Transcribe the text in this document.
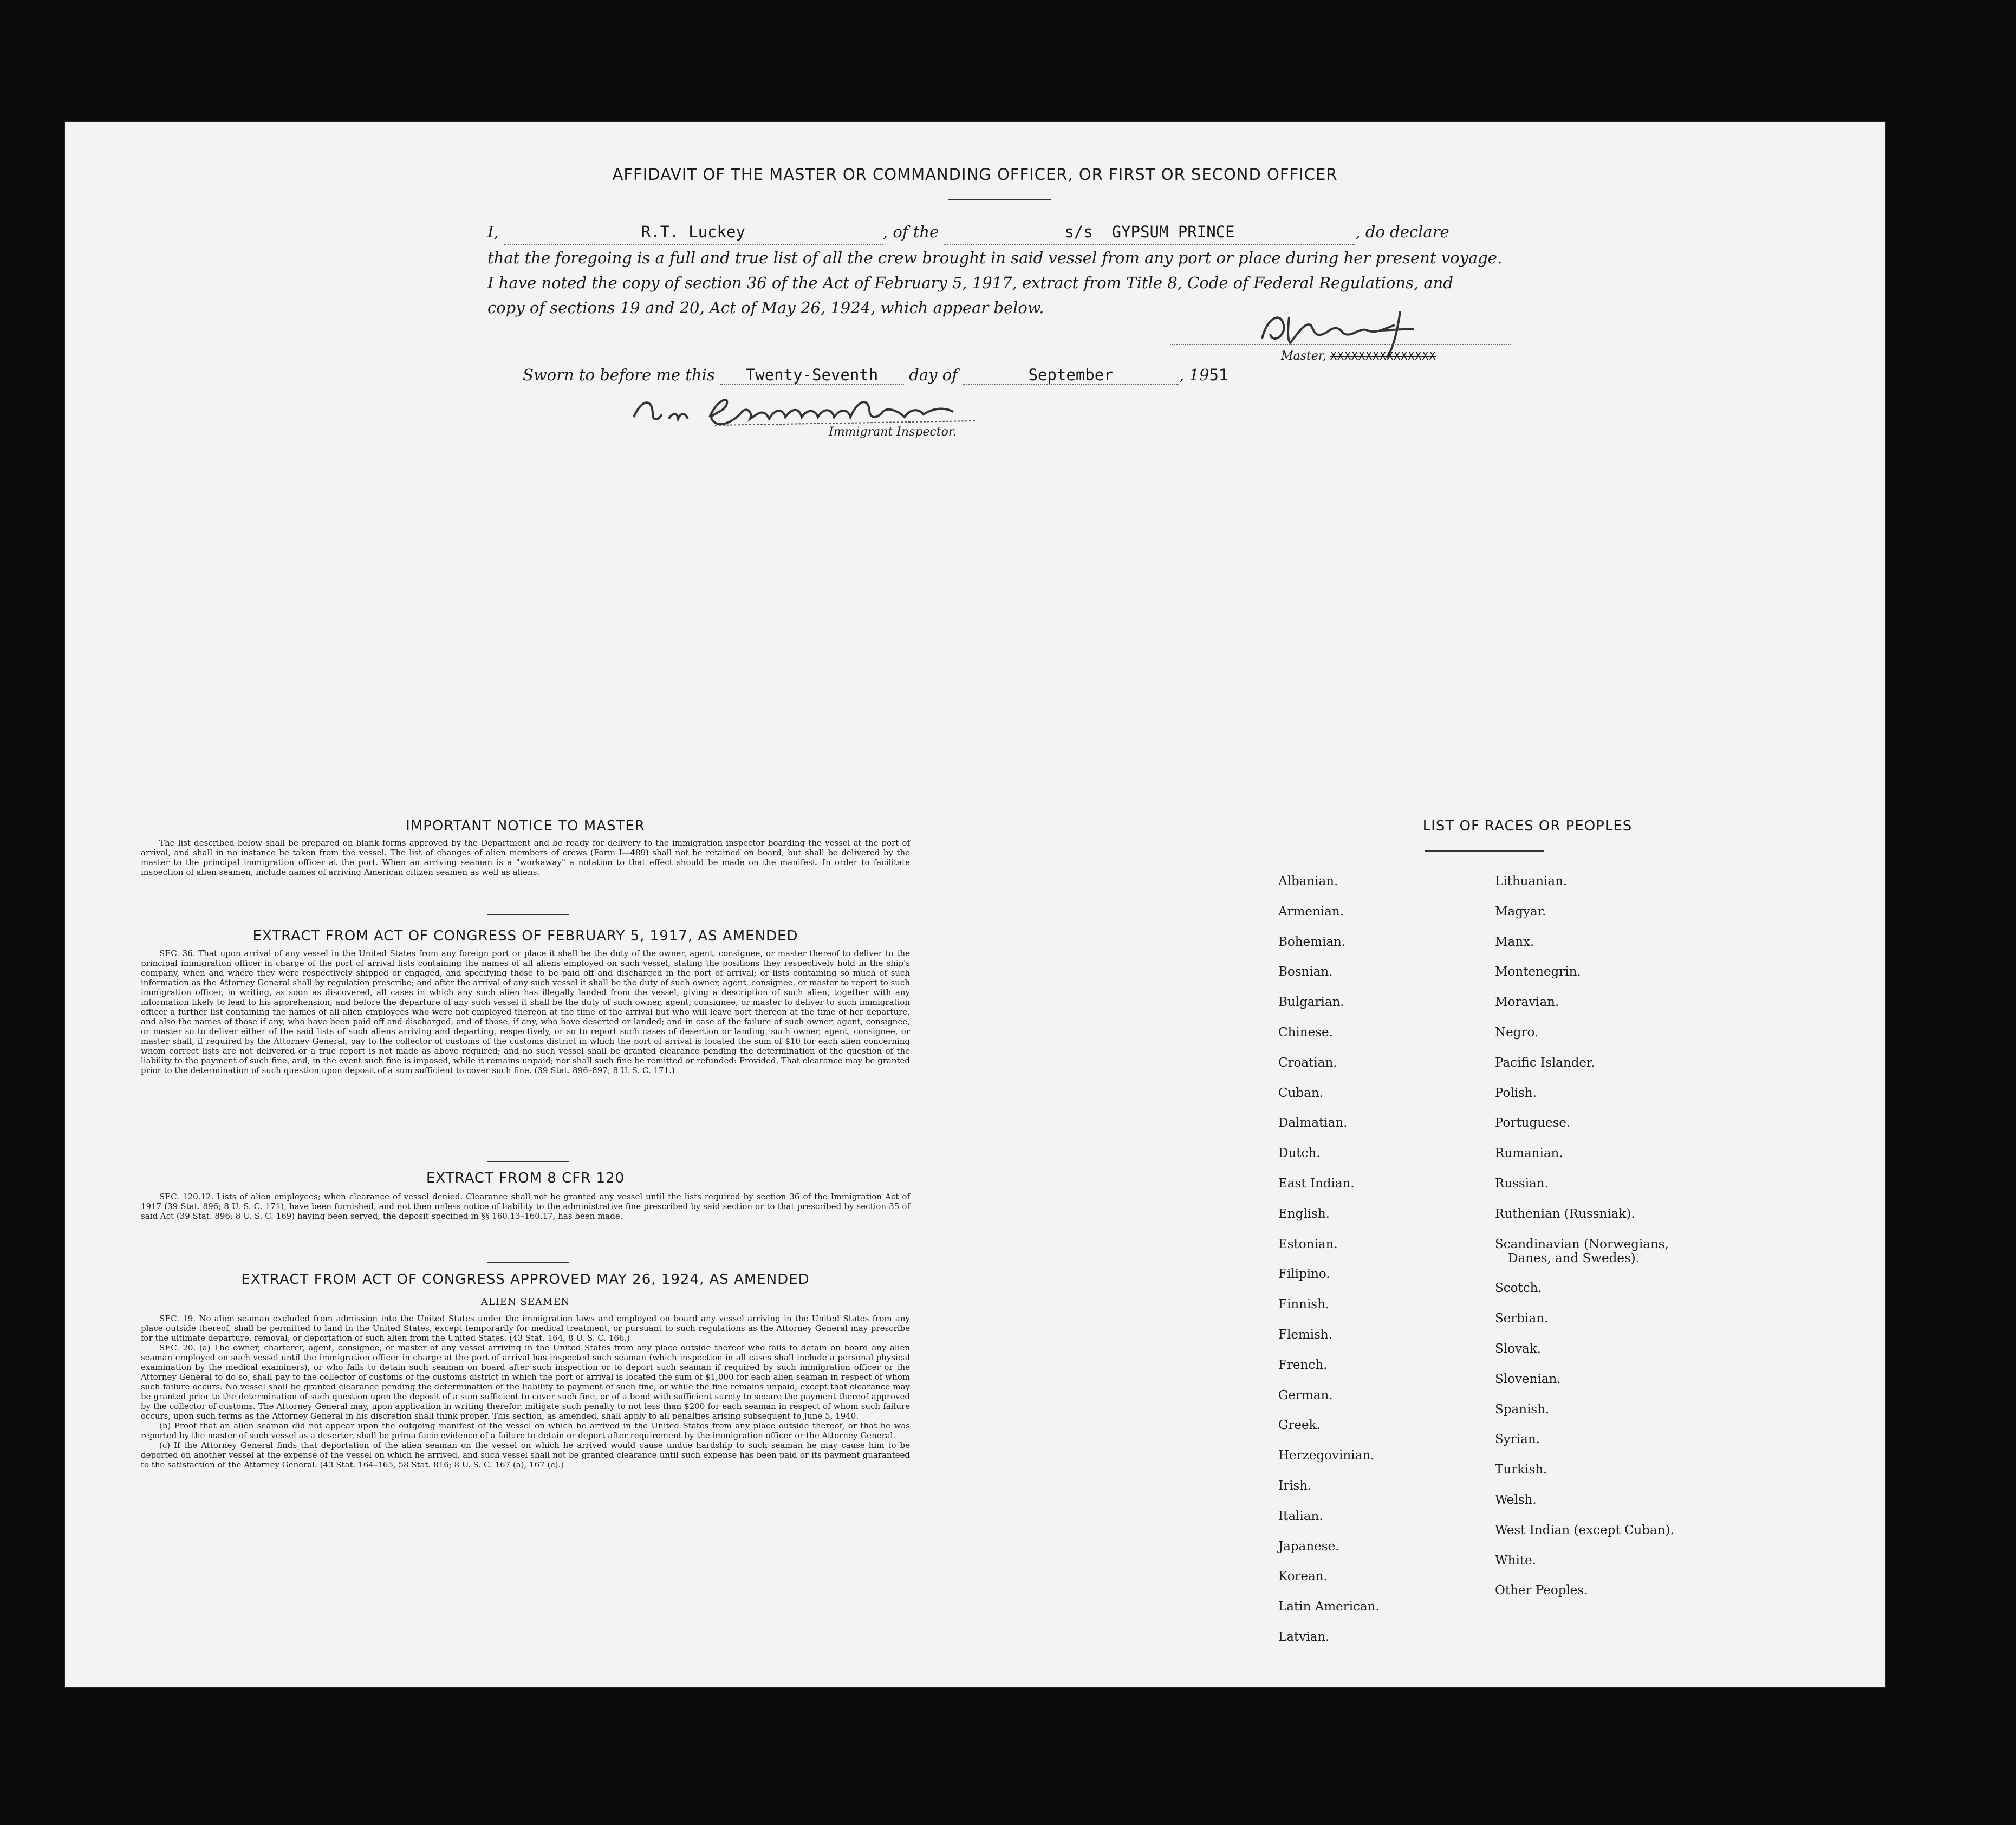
AFFIDAVIT OF THE MASTER OR COMMANDING OFFICER, OR FIRST OR SECOND OFFICER
I,	R.T. Luckey	, of the	s/s GYPSUM PRINCE	, do declare
that the foregoing is a full and true list of all the crew brought in said vessel from any port or place during her present voyage.
I have noted the copy of section 36 of the Act of February 5, 1917, extract from Title 8, Code of Federal Regulations, and
copy of sections 19 and 20, Act of May 26, 1924, which appear below.
Master, XXXXXXXXXXXXXXX
Sworn to before me this Twenty-Seventh day of	September	, 1951
Immigrant Inspector.
IMPORTANT NOTICE TO MASTER

The list described below shall be prepared on blank forms approved by the Department and be ready for delivery to the immigration inspector boarding the vessel at the port of arrival, and shall in no instance be taken from the vessel. The list of changes of alien members of crews (Form I—489) shall not be retained on board, but shall be delivered by the master to the principal immigration officer at the port. When an arriving seaman is a "workaway" a notation to that effect should be made on the manifest. In order to facilitate inspection of alien seamen, include names of arriving American citizen seamen as well as aliens.

EXTRACT FROM ACT OF CONGRESS OF FEBRUARY 5, 1917, AS AMENDED

SEC. 36. That upon arrival of any vessel in the United States from any foreign port or place it shall be the duty of the owner, agent, consignee, or master thereof to deliver to the principal immigration officer in charge of the port of arrival lists containing the names of all aliens employed on such vessel, stating the positions they respectively hold in the ship's company, when and where they were respectively shipped or engaged, and specifying those to be paid off and discharged in the port of arrival; or lists containing so much of such information as the Attorney General shall by regulation prescribe; and after the arrival of any such vessel it shall be the duty of such owner, agent, consignee, or master to report to such immigration officer, in writing, as soon as discovered, all cases in which any such alien has illegally landed from the vessel, giving a description of such alien, together with any information likely to lead to his apprehension; and before the departure of any such vessel it shall be the duty of such owner, agent, consignee, or master to deliver to such immigration officer a further list containing the names of all alien employees who were not employed thereon at the time of the arrival but who will leave port thereon at the time of her departure, and also the names of those if any, who have been paid off and discharged, and of those, if any, who have deserted or landed; and in case of the failure of such owner, agent, consignee, or master so to deliver either of the said lists of such aliens arriving and departing, respectively, or so to report such cases of desertion or landing, such owner, agent, consignee, or master shall, if required by the Attorney General, pay to the collector of customs of the customs district in which the port of arrival is located the sum of $10 for each alien concerning whom correct lists are not delivered or a true report is not made as above required; and no such vessel shall be granted clearance pending the determination of the question of the liability to the payment of such fine, and, in the event such fine is imposed, while it remains unpaid; nor shall such fine be remitted or refunded: Provided, That clearance may be granted prior to the determination of such question upon deposit of a sum sufficient to cover such fine. (39 Stat. 896–897; 8 U. S. C. 171.)

EXTRACT FROM 8 CFR 120

SEC. 120.12. Lists of alien employees; when clearance of vessel denied. Clearance shall not be granted any vessel until the lists required by section 36 of the Immigration Act of 1917 (39 Stat. 896; 8 U. S. C. 171), have been furnished, and not then unless notice of liability to the administrative fine prescribed by said section or to that prescribed by section 35 of said Act (39 Stat. 896; 8 U. S. C. 169) having been served, the deposit specified in §§ 160.13–160.17, has been made.

EXTRACT FROM ACT OF CONGRESS APPROVED MAY 26, 1924, AS AMENDED
ALIEN SEAMEN

SEC. 19. No alien seaman excluded from admission into the United States under the immigration laws and employed on board any vessel arriving in the United States from any place outside thereof, shall be permitted to land in the United States, except temporarily for medical treatment, or pursuant to such regulations as the Attorney General may prescribe for the ultimate departure, removal, or deportation of such alien from the United States. (43 Stat. 164, 8 U. S. C. 166.)

SEC. 20. (a) The owner, charterer, agent, consignee, or master of any vessel arriving in the United States from any place outside thereof who fails to detain on board any alien seaman employed on such vessel until the immigration officer in charge at the port of arrival has inspected such seaman (which inspection in all cases shall include a personal physical examination by the medical examiners), or who fails to detain such seaman on board after such inspection or to deport such seaman if required by such immigration officer or the Attorney General to do so, shall pay to the collector of customs of the customs district in which the port of arrival is located the sum of $1,000 for each alien seaman in respect of whom such failure occurs. No vessel shall be granted clearance pending the determination of the liability to payment of such fine, or while the fine remains unpaid, except that clearance may be granted prior to the determination of such question upon the deposit of a sum sufficient to cover such fine, or of a bond with sufficient surety to secure the payment thereof approved by the collector of customs. The Attorney General may, upon application in writing therefor, mitigate such penalty to not less than $200 for each seaman in respect of whom such failure occurs, upon such terms as the Attorney General in his discretion shall think proper. This section, as amended, shall apply to all penalties arising subsequent to June 5, 1940.

(b) Proof that an alien seaman did not appear upon the outgoing manifest of the vessel on which he arrived in the United States from any place outside thereof, or that he was reported by the master of such vessel as a deserter, shall be prima facie evidence of a failure to detain or deport after requirement by the immigration officer or the Attorney General.

(c) If the Attorney General finds that deportation of the alien seaman on the vessel on which he arrived would cause undue hardship to such seaman he may cause him to be deported on another vessel at the expense of the vessel on which he arrived, and such vessel shall not be granted clearance until such expense has been paid or its payment guaranteed to the satisfaction of the Attorney General. (43 Stat. 164–165, 58 Stat. 816; 8 U. S. C. 167 (a), 167 (c).)

LIST OF RACES OR PEOPLES
Albanian.
Armenian.
Bohemian.
Bosnian.
Bulgarian.
Chinese.
Croatian.
Cuban.
Dalmatian.
Dutch.
East Indian.
English.
Estonian.
Filipino.
Finnish.
Flemish.
French.
German.
Greek.
Herzegovinian.
Irish.
Italian.
Japanese.
Korean.
Latin American.
Latvian.
Lithuanian.
Magyar.
Manx.
Montenegrin.
Moravian.
Negro.
Pacific Islander.
Polish.
Portuguese.
Rumanian.
Russian.
Ruthenian (Russniak).
Scandinavian (Norwegians,
Danes, and Swedes).
Scotch.
Serbian.
Slovak.
Slovenian.
Spanish.
Syrian.
Turkish.
Welsh.
West Indian (except Cuban).
White.
Other Peoples.
